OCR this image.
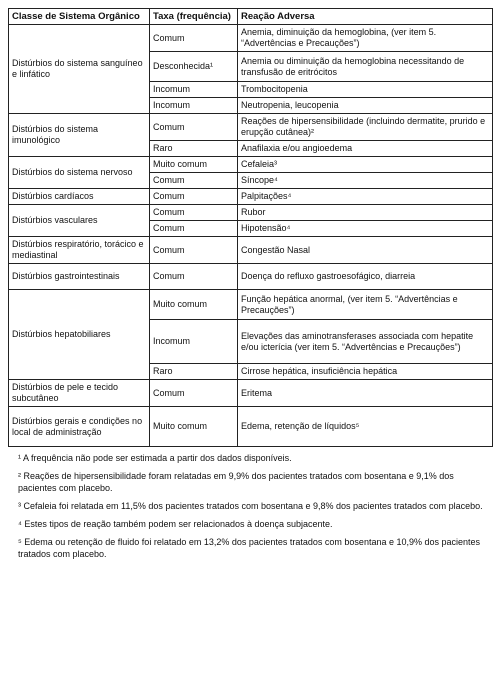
Classe de Sistema Orgânico	Taxa (frequência)	Reação Adversa
Distúrbios do sistema sanguíneo e linfático	Comum	Anemia, diminuição da hemoglobina, (ver item 5. “Advertências e Precauções”)
	Desconhecida¹	Anemia ou diminuição da hemoglobina necessitando de transfusão de eritrócitos
	Incomum	Trombocitopenia
	Incomum	Neutropenia, leucopenia
Distúrbios do sistema imunológico	Comum	Reações de hipersensibilidade (incluindo dermatite, prurido e erupção cutânea)²
	Raro	Anafilaxia e/ou angioedema
Distúrbios do sistema nervoso	Muito comum	Cefaleia³
	Comum	Síncope⁴
Distúrbios cardíacos	Comum	Palpitações⁴
Distúrbios vasculares	Comum	Rubor
	Comum	Hipotensão⁴
Distúrbios respiratório, torácico e mediastinal	Comum	Congestão Nasal
Distúrbios gastrointestinais	Comum	Doença do refluxo gastroesofágico, diarreia
Distúrbios hepatobiliares	Muito comum	Função hepática anormal, (ver item 5. “Advertências e Precauções”)
	Incomum	Elevações das aminotransferases associada com hepatite e/ou icterícia (ver item 5. “Advertências e Precauções”)
	Raro	Cirrose hepática, insuficiência hepática
Distúrbios de pele e tecido subcutâneo	Comum	Eritema
Distúrbios gerais e condições no local de administração	Muito comum	Edema, retenção de líquidos⁵

¹ A frequência não pode ser estimada a partir dos dados disponíveis.

² Reações de hipersensibilidade foram relatadas em 9,9% dos pacientes tratados com bosentana e 9,1% dos pacientes com placebo.

³ Cefaleia foi relatada em 11,5% dos pacientes tratados com bosentana e 9,8% dos pacientes tratados com placebo.

⁴ Estes tipos de reação também podem ser relacionados à doença subjacente.

⁵ Edema ou retenção de fluido foi relatado em 13,2% dos pacientes tratados com bosentana e 10,9% dos pacientes tratados com placebo.
